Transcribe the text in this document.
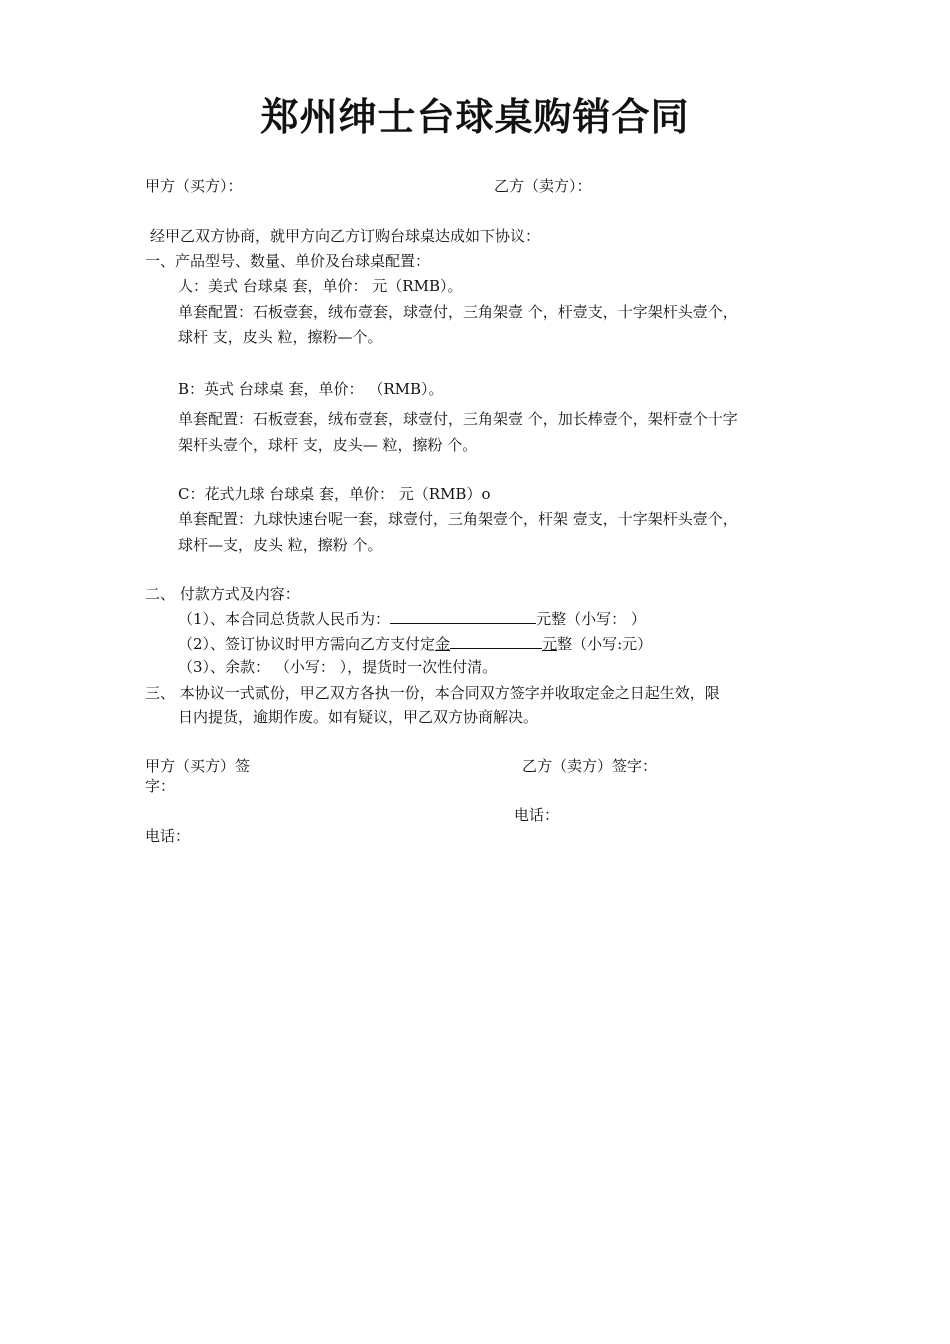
郑州绅士台球桌购销合同
甲方（买方）：	乙方（卖方）：
经甲乙双方协商，就甲方向乙方订购台球桌达成如下协议：
一、产品型号、数量、单价及台球桌配置：
人：美式 台球桌 套，单价： 元（RMB）。
单套配置：石板壹套，绒布壹套，球壹付，三角架壹 个，杆壹支，十字架杆头壹个，
球杆 支，皮头 粒，擦粉—个。
B：英式 台球桌 套，单价： （RMB）。
单套配置：石板壹套，绒布壹套，球壹付，三角架壹 个，加长棒壹个，架杆壹个十字
架杆头壹个，球杆 支，皮头— 粒，擦粉 个。
C：花式九球 台球桌 套，单价： 元（RMB）o
单套配置：九球快速台呢一套，球壹付，三角架壹个，杆架 壹支，十字架杆头壹个，
球杆—支，皮头 粒，擦粉 个。
二、 付款方式及内容：
（1）、本合同总货款人民币为：	元整（小写： ）
（2）、签订协议时甲方需向乙方支付定金	元整（小写:元）
（3）、余款： （小写： ），提货时一次性付清。
三、 本协议一式贰份，甲乙双方各执一份，本合同双方签字并收取定金之日起生效，限
日内提货，逾期作废。如有疑议，甲乙双方协商解决。
甲方（买方）签
字：
乙方（卖方）签字：
电话：
电话：
